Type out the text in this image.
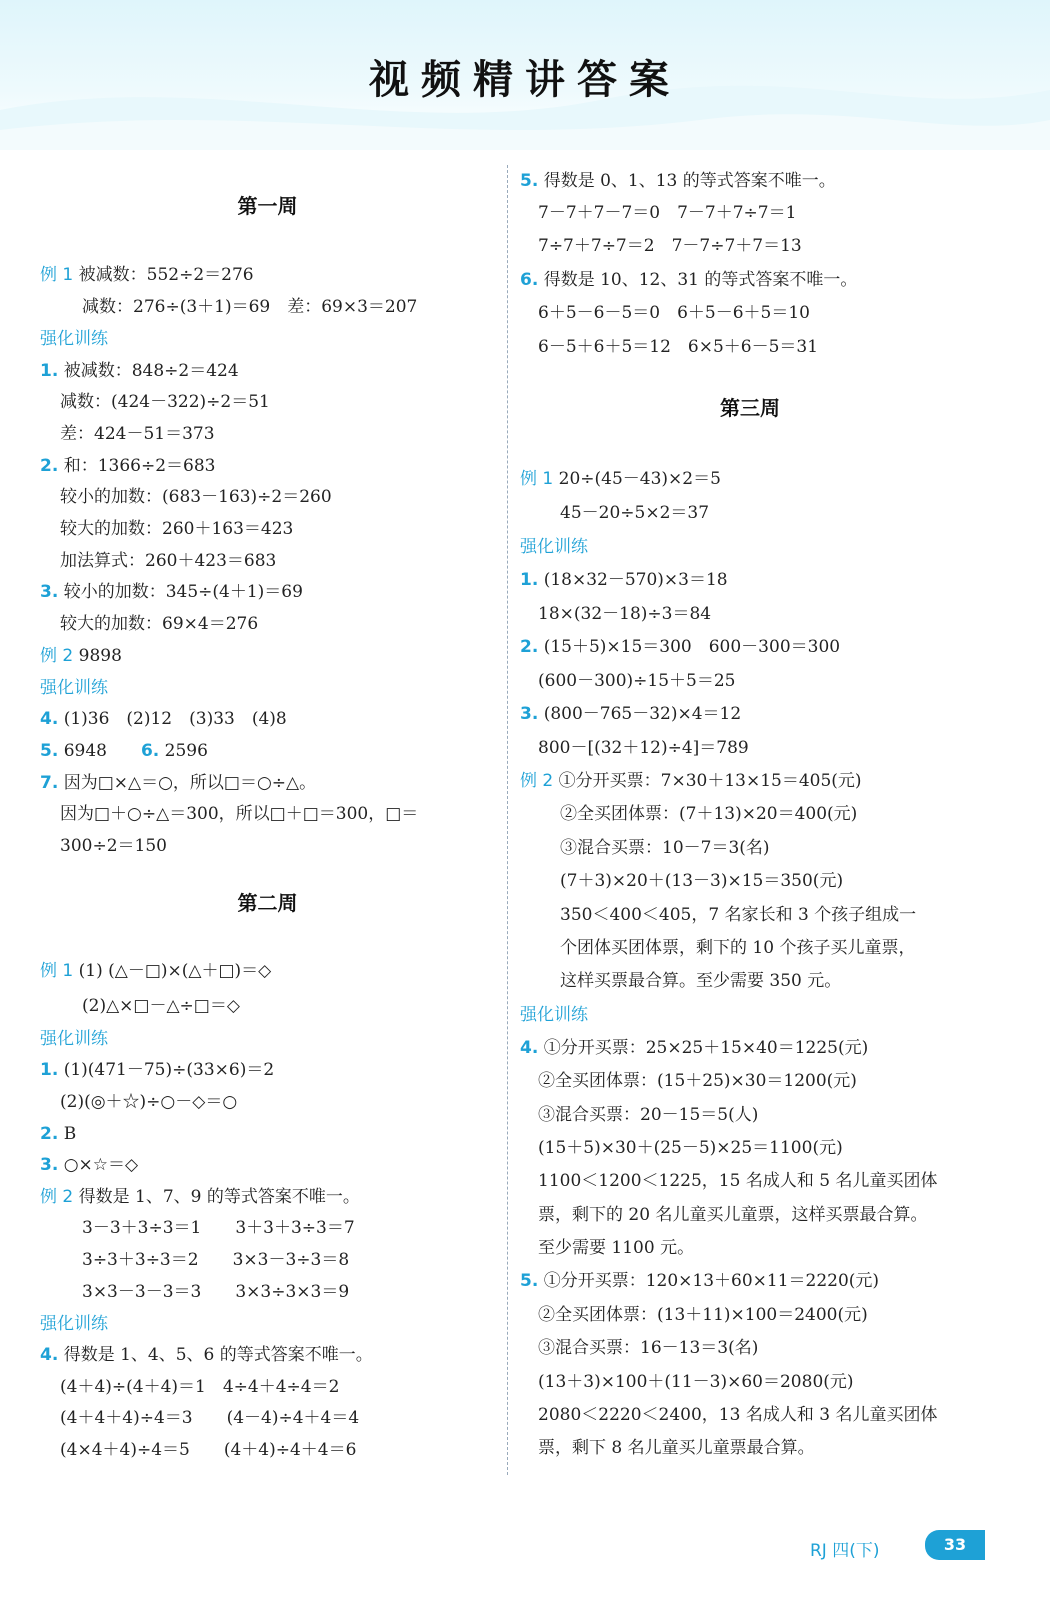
视频精讲答案
第一周
例 1 被减数：552÷2＝276
减数：276÷(3＋1)＝69　差：69×3＝207
强化训练
1. 被减数：848÷2＝424
减数：(424－322)÷2＝51
差：424－51＝373
2. 和：1366÷2＝683
较小的加数：(683－163)÷2＝260
较大的加数：260＋163＝423
加法算式：260＋423＝683
3. 较小的加数：345÷(4＋1)＝69
较大的加数：69×4＝276
例 2 9898
强化训练
4. (1)36　(2)12　(3)33　(4)8
5. 6948　　6. 2596
7. 因为□×△＝○，所以□＝○÷△。
因为□＋○÷△＝300，所以□＋□＝300，□＝
300÷2＝150
第二周
例 1 (1) (△－□)×(△＋□)＝◇
(2)△×□－△÷□＝◇
强化训练
1. (1)(471－75)÷(33×6)＝2
(2)(◎＋☆)÷○－◇＝○
2. B
3. ○×☆＝◇
例 2 得数是 1、7、9 的等式答案不唯一。
3－3＋3÷3＝1　　3＋3＋3÷3＝7
3÷3＋3÷3＝2　　3×3－3÷3＝8
3×3－3－3＝3　　3×3÷3×3＝9
强化训练
4. 得数是 1、4、5、6 的等式答案不唯一。
(4＋4)÷(4＋4)＝1　4÷4＋4÷4＝2
(4＋4＋4)÷4＝3　　(4－4)÷4＋4＝4
(4×4＋4)÷4＝5　　(4＋4)÷4＋4＝6
5. 得数是 0、1、13 的等式答案不唯一。
7－7＋7－7＝0　7－7＋7÷7＝1
7÷7＋7÷7＝2　7－7÷7＋7＝13
6. 得数是 10、12、31 的等式答案不唯一。
6＋5－6－5＝0　6＋5－6＋5＝10
6－5＋6＋5＝12　6×5＋6－5＝31
第三周
例 1 20÷(45－43)×2＝5
45－20÷5×2＝37
强化训练
1. (18×32－570)×3＝18
18×(32－18)÷3＝84
2. (15＋5)×15＝300　600－300＝300
(600－300)÷15＋5＝25
3. (800－765－32)×4＝12
800－[(32＋12)÷4]＝789
例 2 ①分开买票：7×30＋13×15＝405(元)
②全买团体票：(7＋13)×20＝400(元)
③混合买票：10－7＝3(名)
(7＋3)×20＋(13－3)×15＝350(元)
350＜400＜405，7 名家长和 3 个孩子组成一
个团体买团体票，剩下的 10 个孩子买儿童票，
这样买票最合算。至少需要 350 元。
强化训练
4. ①分开买票：25×25＋15×40＝1225(元)
②全买团体票：(15＋25)×30＝1200(元)
③混合买票：20－15＝5(人)
(15＋5)×30＋(25－5)×25＝1100(元)
1100＜1200＜1225，15 名成人和 5 名儿童买团体
票，剩下的 20 名儿童买儿童票，这样买票最合算。
至少需要 1100 元。
5. ①分开买票：120×13＋60×11＝2220(元)
②全买团体票：(13＋11)×100＝2400(元)
③混合买票：16－13＝3(名)
(13＋3)×100＋(11－3)×60＝2080(元)
2080＜2220＜2400，13 名成人和 3 名儿童买团体
票，剩下 8 名儿童买儿童票最合算。
RJ 四(下)	33
